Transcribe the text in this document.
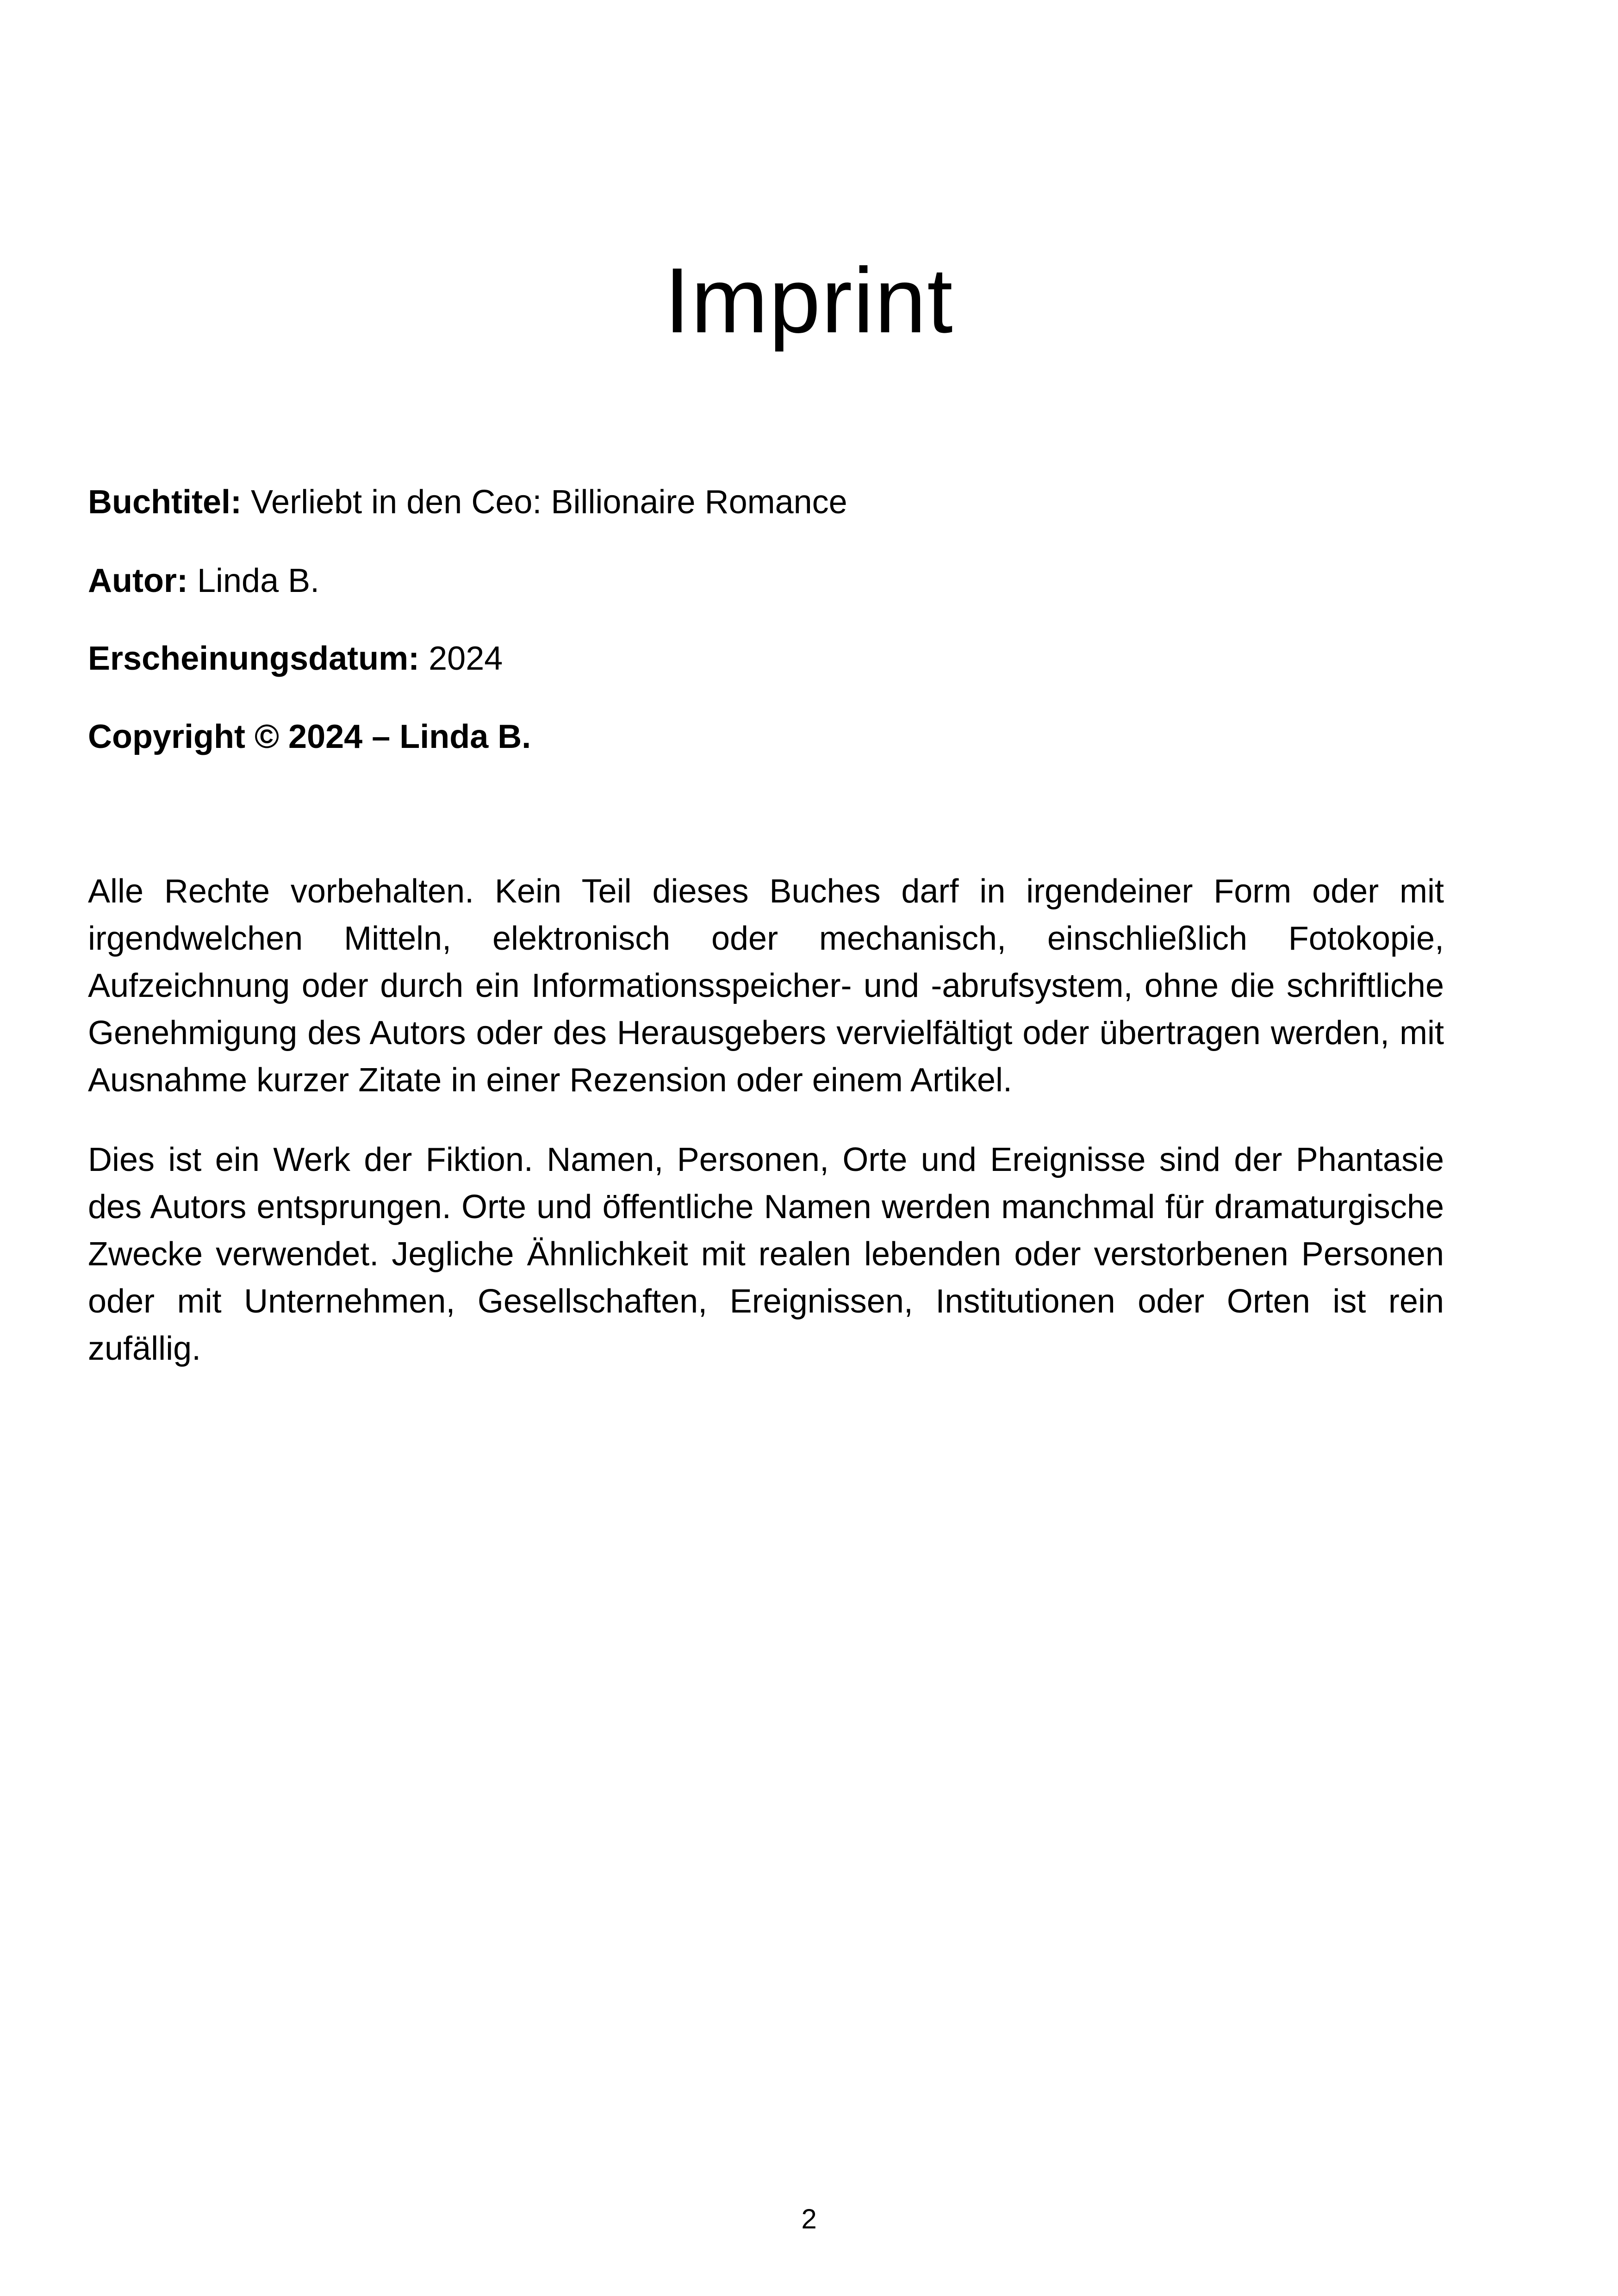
Imprint

Buchtitel: Verliebt in den Ceo: Billionaire Romance

Autor: Linda B.

Erscheinungsdatum: 2024

Copyright © 2024 – Linda B.

Alle Rechte vorbehalten. Kein Teil dieses Buches darf in irgendeiner Form oder mit irgendwelchen Mitteln, elektronisch oder mechanisch, einschließlich Fotokopie, Aufzeichnung oder durch ein Informationsspeicher- und -abrufsystem, ohne die schriftliche Genehmigung des Autors oder des Herausgebers vervielfältigt oder übertragen werden, mit Ausnahme kurzer Zitate in einer Rezension oder einem Artikel.

Dies ist ein Werk der Fiktion. Namen, Personen, Orte und Ereignisse sind der Phantasie des Autors entsprungen. Orte und öffentliche Namen werden manchmal für dramaturgische Zwecke verwendet. Jegliche Ähnlichkeit mit realen lebenden oder verstorbenen Personen oder mit Unternehmen, Gesellschaften, Ereignissen, Institutionen oder Orten ist rein zufällig.

2
